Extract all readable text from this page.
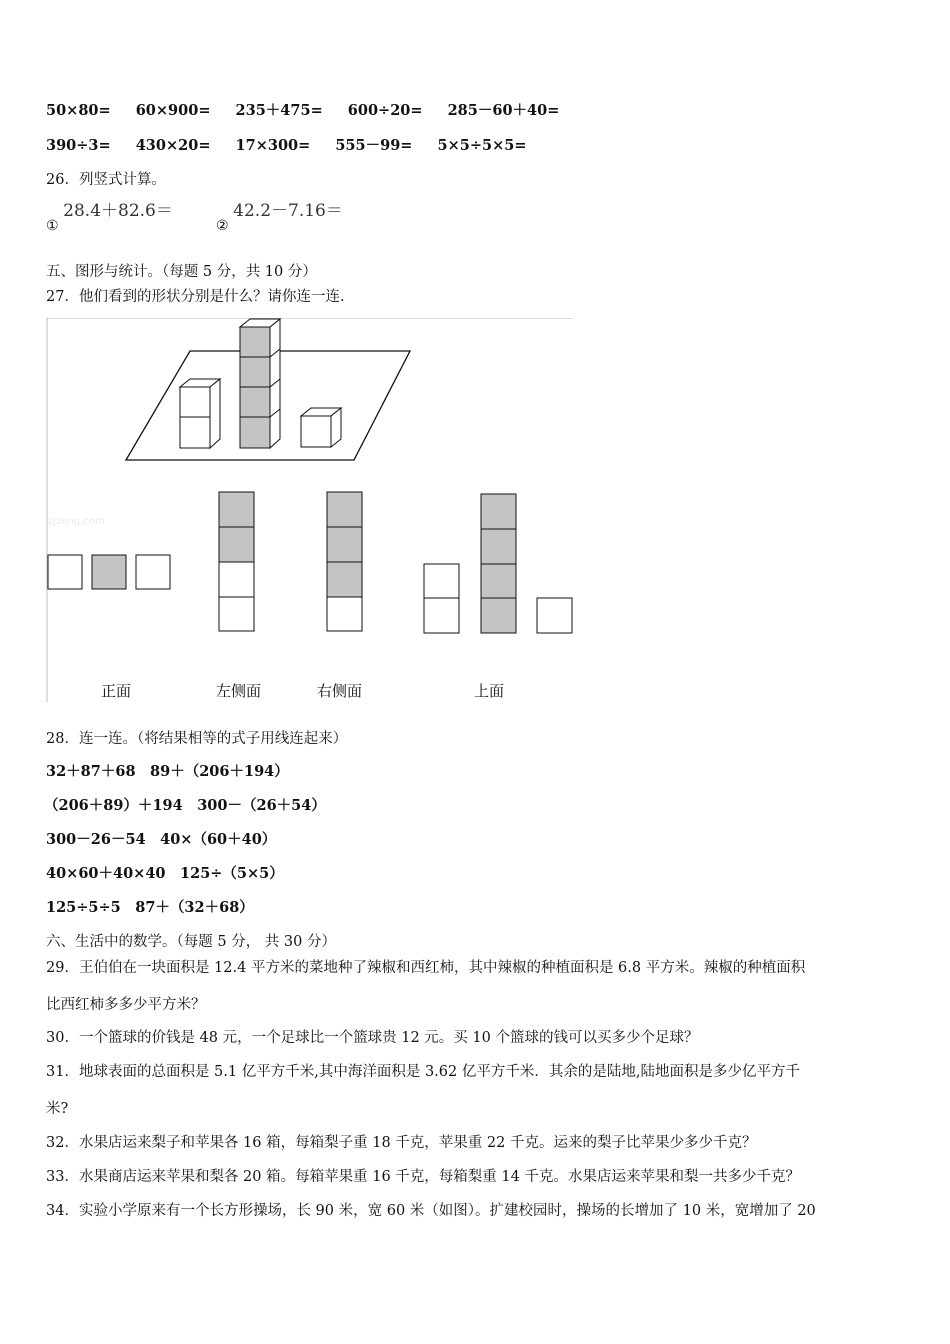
50×80= 60×900= 235＋475= 600÷20= 285－60＋40=
390÷3= 430×20= 17×300= 555－99= 5×5÷5×5=
26．列竖式计算。
① 28.4＋82.6＝
② 42.2－7.16＝
五、图形与统计。（每题 5 分，共 10 分）
27．他们看到的形状分别是什么？请你连一连.
zjzeng.com
正面	左侧面	右侧面	上面
28．连一连。（将结果相等的式子用线连起来）
32＋87＋68　89＋（206＋194）
（206＋89）＋194　300－（26＋54）
300－26－54　40×（60＋40）
40×60＋40×40　125÷（5×5）
125÷5÷5　87＋（32＋68）
六、生活中的数学。（每题 5 分， 共 30 分）
29．王伯伯在一块面积是 12.4 平方米的菜地种了辣椒和西红柿，其中辣椒的种植面积是 6.8 平方米。辣椒的种植面积
比西红柿多多少平方米？
30．一个篮球的价钱是 48 元，一个足球比一个篮球贵 12 元。买 10 个篮球的钱可以买多少个足球？
31．地球表面的总面积是 5.1 亿平方千米,其中海洋面积是 3.62 亿平方千米．其余的是陆地,陆地面积是多少亿平方千
米?
32．水果店运来梨子和苹果各 16 箱，每箱梨子重 18 千克，苹果重 22 千克。运来的梨子比苹果少多少千克？
33．水果商店运来苹果和梨各 20 箱。每箱苹果重 16 千克，每箱梨重 14 千克。水果店运来苹果和梨一共多少千克？
34．实验小学原来有一个长方形操场，长 90 米，宽 60 米（如图）。扩建校园时，操场的长增加了 10 米，宽增加了 20
